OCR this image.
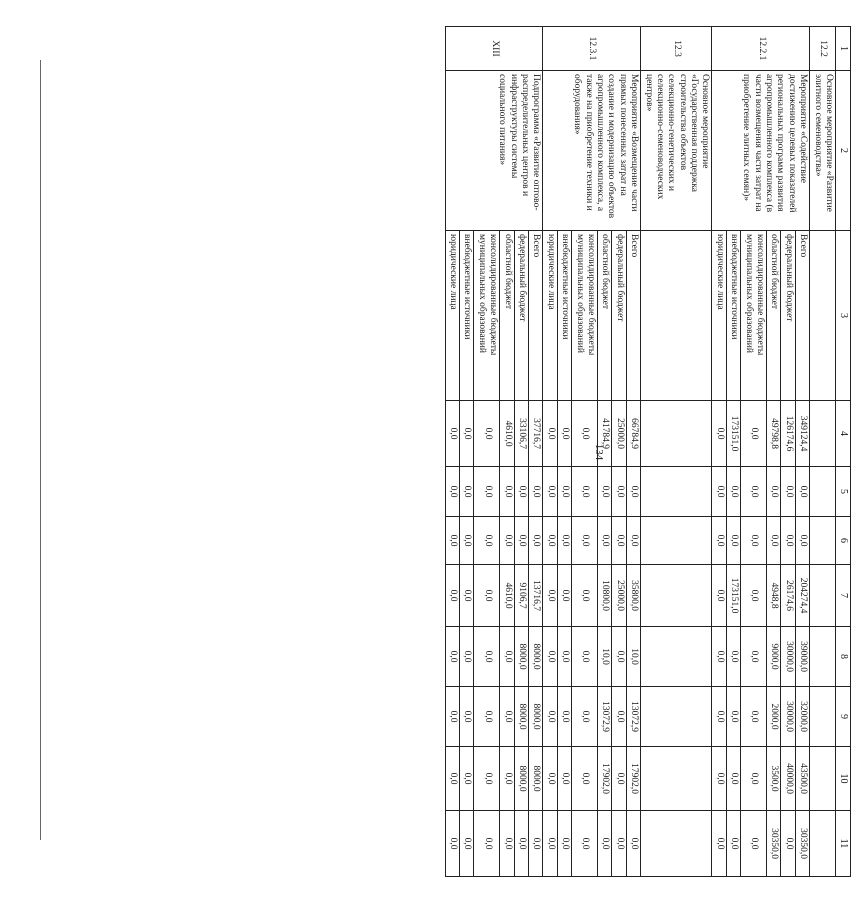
134
1	2	3	4	5	6	7	8	9	10	11
12.2	Основное мероприятие «Развитие элитного семеноводства»									
12.2.1	Мероприятие «Содействие достижению целевых показателей региональных программ развития агропромышленного комплекса (в части возмещения части затрат на приобретение элитных семян)»	Всего	349124,4	0,0	0,0	204274,4	39000,0	32000,0	43500,0	30350,0
		федеральный бюджет	126174,6	0,0	0,0	26174,6	30000,0	30000,0	40000,0	0,0
		областной бюджет	49798,8	0,0	0,0	4948,8	9000,0	2000,0	3500,0	30350,0
		консолидированные бюджеты муниципальных образований	0,0	0,0	0,0	0,0	0,0	0,0	0,0	0,0
		внебюджетные источники	173151,0	0,0	0,0	173151,0	0,0	0,0	0,0	0,0
		юридические лица	0,0	0,0	0,0	0,0	0,0	0,0	0,0	0,0
12.3	Основное мероприятие «Государственная поддержка строительства объектов селекционно-генетических и селекционно-семеноводческих центров»									
12.3.1	Мероприятие «Возмещение части прямых понесенных затрат на создание и модернизацию объектов агропромышленного комплекса, а также на приобретение техники и оборудования»	Всего	66784,9	0,0	0,0	35800,0	10,0	13072,9	17902,0	0,0
		федеральный бюджет	25000,0	0,0	0,0	25000,0	0,0	0,0	0,0	0,0
		областной бюджет	41784,9	0,0	0,0	10800,0	10,0	13072,9	17902,0	0,0
		консолидированные бюджеты муниципальных образований	0,0	0,0	0,0	0,0	0,0	0,0	0,0	0,0
		внебюджетные источники	0,0	0,0	0,0	0,0	0,0	0,0	0,0	0,0
		юридические лица	0,0	0,0	0,0	0,0	0,0	0,0	0,0	0,0
XIII	Подпрограмма «Развитие оптово-распределительных центров и инфраструктуры системы социального питания»	Всего	37716,7	0,0	0,0	13716,7	8000,0	8000,0	8000,0	0,0
		федеральный бюджет	33106,7	0,0	0,0	9106,7	8000,0	8000,0	8000,0	0,0
		областной бюджет	4610,0	0,0	0,0	4610,0	0,0	0,0	0,0	0,0
		консолидированные бюджеты муниципальных образований	0,0	0,0	0,0	0,0	0,0	0,0	0,0	0,0
		внебюджетные источники	0,0	0,0	0,0	0,0	0,0	0,0	0,0	0,0
		юридические лица	0,0	0,0	0,0	0,0	0,0	0,0	0,0	0,0
